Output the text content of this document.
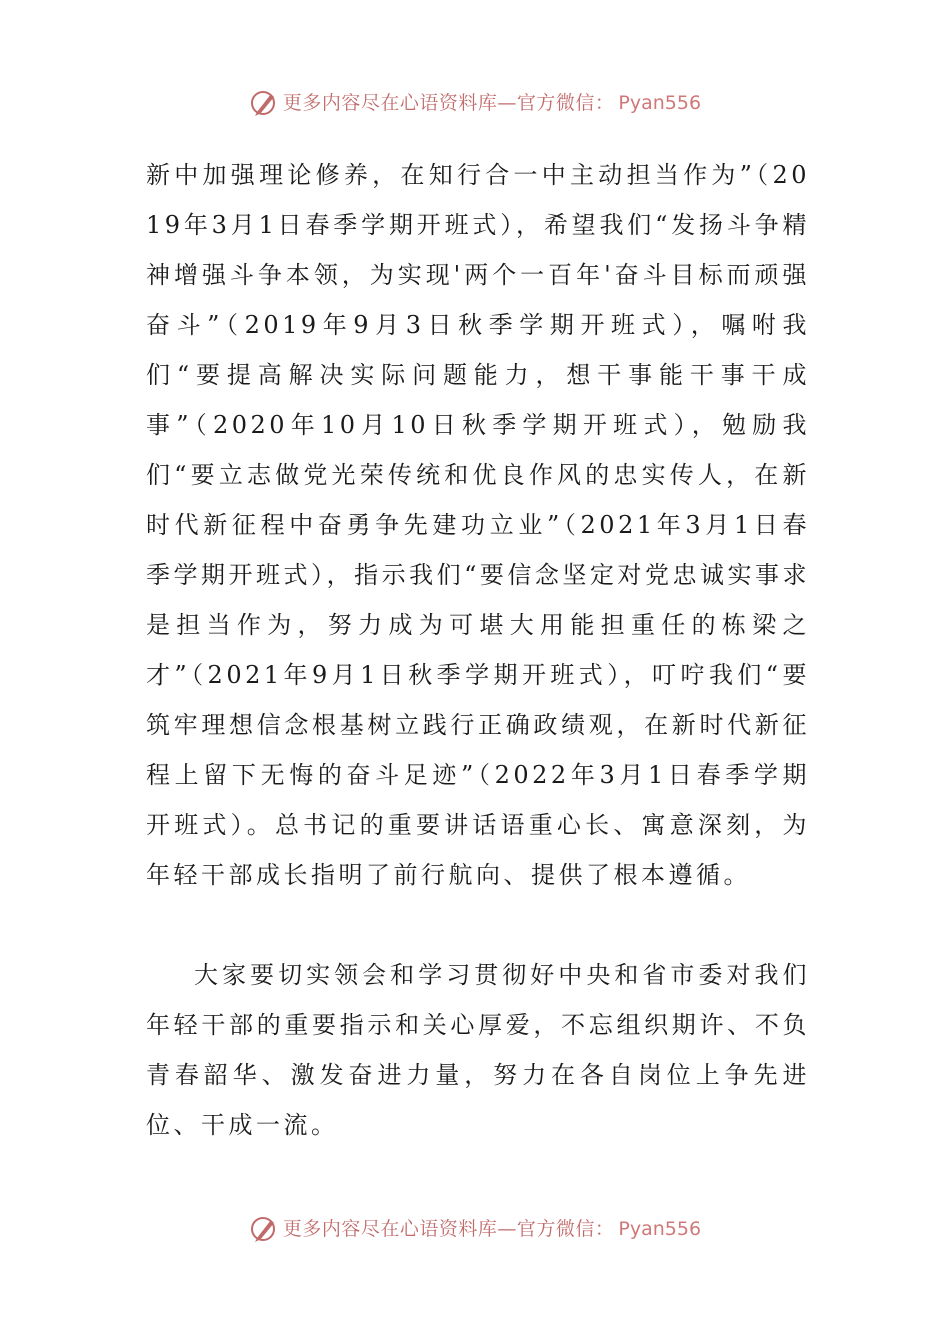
更多内容尽在心语资料库—官方微信： Pyan556

新中加强理论修养，在知行合一中主动担当作为”（2019年3月1日春季学期开班式），希望我们“发扬斗争精神增强斗争本领，为实现'两个一百年'奋斗目标而顽强奋斗”（2019年9月3日秋季学期开班式），嘱咐我们“要提高解决实际问题能力，想干事能干事干成事”（2020年10月10日秋季学期开班式），勉励我们“要立志做党光荣传统和优良作风的忠实传人，在新时代新征程中奋勇争先建功立业”（2021年3月1日春季学期开班式），指示我们“要信念坚定对党忠诚实事求是担当作为，努力成为可堪大用能担重任的栋梁之才”（2021年9月1日秋季学期开班式），叮咛我们“要筑牢理想信念根基树立践行正确政绩观，在新时代新征程上留下无悔的奋斗足迹”（2022年3月1日春季学期开班式）。总书记的重要讲话语重心长、寓意深刻，为年轻干部成长指明了前行航向、提供了根本遵循。

大家要切实领会和学习贯彻好中央和省市委对我们年轻干部的重要指示和关心厚爱，不忘组织期许、不负青春韶华、激发奋进力量，努力在各自岗位上争先进位、干成一流。

更多内容尽在心语资料库—官方微信： Pyan556
